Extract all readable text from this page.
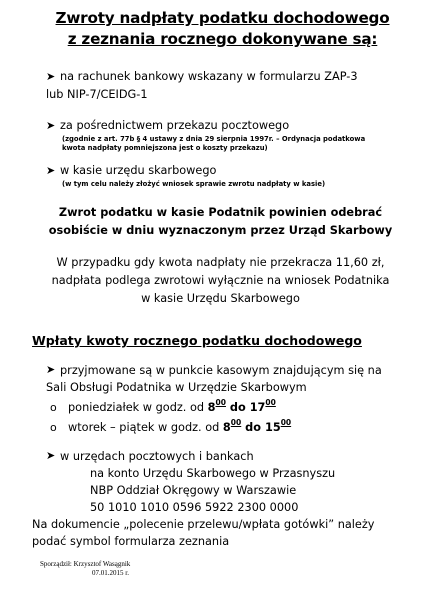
Zwroty nadpłaty podatku dochodowego
z zeznania rocznego dokonywane są:
➤ na rachunek bankowy wskazany w formularzu ZAP-3
lub NIP-7/CEIDG-1
➤ za pośrednictwem przekazu pocztowego
(zgodnie z art. 77b § 4 ustawy z dnia 29 sierpnia 1997r. – Ordynacja podatkowa
kwota nadpłaty pomniejszona jest o koszty przekazu)
➤ w kasie urzędu skarbowego
(w tym celu należy złożyć wniosek sprawie zwrotu nadpłaty w kasie)
Zwrot podatku w kasie Podatnik powinien odebrać
osobiście w dniu wyznaczonym przez Urząd Skarbowy
W przypadku gdy kwota nadpłaty nie przekracza 11,60 zł,
nadpłata podlega zwrotowi wyłącznie na wniosek Podatnika
w kasie Urzędu Skarbowego
Wpłaty kwoty rocznego podatku dochodowego
➤ przyjmowane są w punkcie kasowym znajdującym się na
Sali Obsługi Podatnika w Urzędzie Skarbowym
o poniedziałek w godz. od $8^{00}$ do $17^{00}$
o wtorek – piątek w godz. od $8^{00}$ do $15^{00}$
➤ w urzędach pocztowych i bankach
na konto Urzędu Skarbowego w Przasnyszu
NBP Oddział Okręgowy w Warszawie
50 1010 1010 0596 5922 2300 0000
Na dokumencie „polecenie przelewu/wpłata gotówki” należy
podać symbol formularza zeznania
Sporządził: Krzysztof Wasągnik
07.01.2015 r.
